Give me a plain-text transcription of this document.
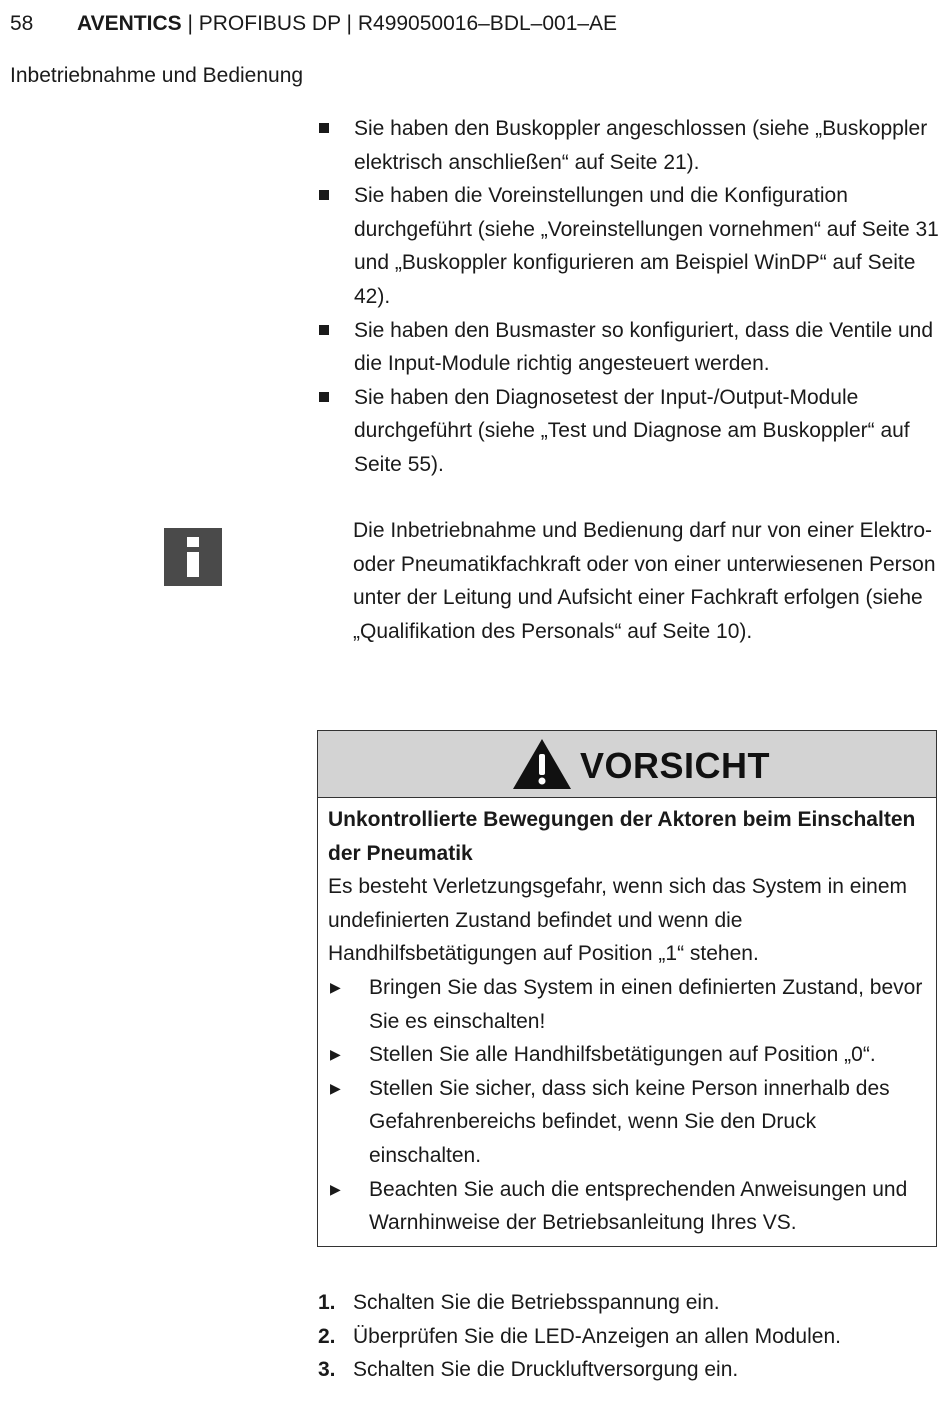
58 AVENTICS | PROFIBUS DP | R499050016–BDL–001–AE
Inbetriebnahme und Bedienung
Sie haben den Buskoppler angeschlossen (siehe „Buskoppler elektrisch anschließen“ auf Seite 21).
Sie haben die Voreinstellungen und die Konfiguration durchgeführt (siehe „Voreinstellungen vornehmen“ auf Seite 31 und „Buskoppler konfigurieren am Beispiel WinDP“ auf Seite 42).
Sie haben den Busmaster so konfiguriert, dass die Ventile und die Input-Module richtig angesteuert werden.
Sie haben den Diagnosetest der Input-/Output-Module durchgeführt (siehe „Test und Diagnose am Buskoppler“ auf Seite 55).

Die Inbetriebnahme und Bedienung darf nur von einer Elektro- oder Pneumatikfachkraft oder von einer unterwiesenen Person unter der Leitung und Aufsicht einer Fachkraft erfolgen (siehe „Qualifikation des Personals“ auf Seite 10).

VORSICHT
Unkontrollierte Bewegungen der Aktoren beim Einschalten der Pneumatik
Es besteht Verletzungsgefahr, wenn sich das System in einem undefinierten Zustand befindet und wenn die Handhilfsbetätigungen auf Position „1“ stehen.
▶ Bringen Sie das System in einen definierten Zustand, bevor Sie es einschalten!
▶ Stellen Sie alle Handhilfsbetätigungen auf Position „0“.
▶ Stellen Sie sicher, dass sich keine Person innerhalb des Gefahrenbereichs befindet, wenn Sie den Druck einschalten.
▶ Beachten Sie auch die entsprechenden Anweisungen und Warnhinweise der Betriebsanleitung Ihres VS.
1. Schalten Sie die Betriebsspannung ein.
2. Überprüfen Sie die LED-Anzeigen an allen Modulen.
3. Schalten Sie die Druckluftversorgung ein.
